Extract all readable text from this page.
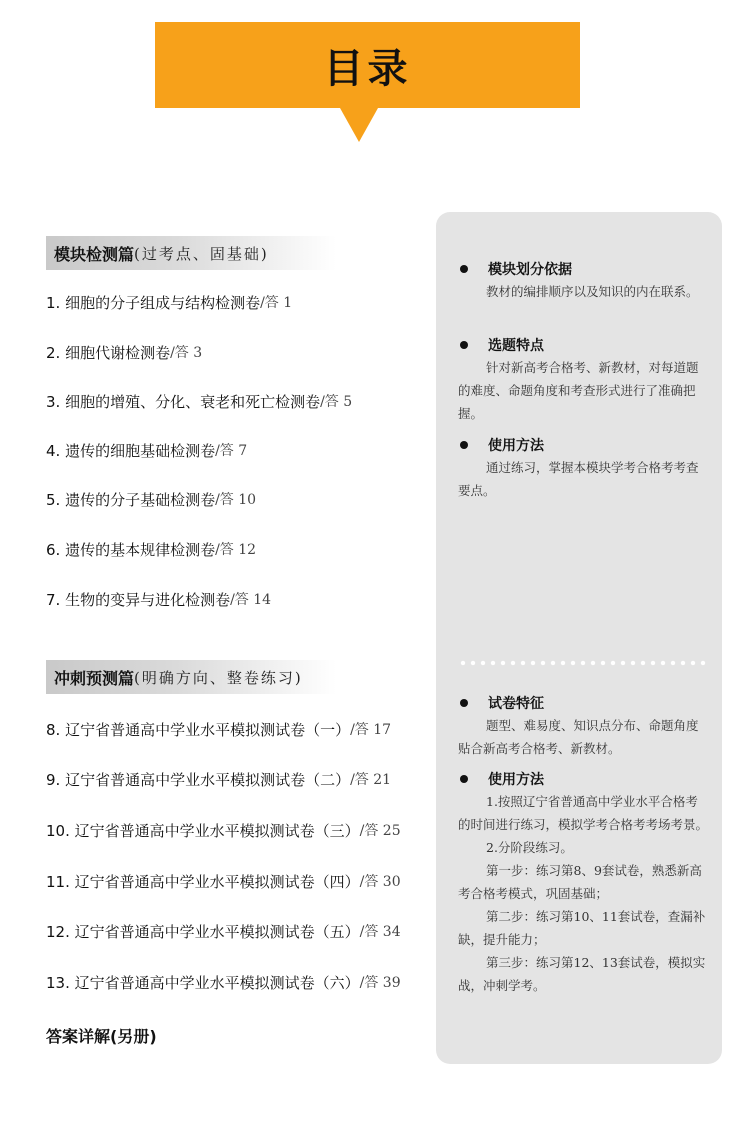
目录
模块检测篇 (过考点、固基础)
1. 细胞的分子组成与结构检测卷 /答 1
2. 细胞代谢检测卷 /答 3
3. 细胞的增殖、分化、衰老和死亡检测卷 /答 5
4. 遗传的细胞基础检测卷 /答 7
5. 遗传的分子基础检测卷 /答 10
6. 遗传的基本规律检测卷 /答 12
7. 生物的变异与进化检测卷 /答 14
冲刺预测篇 (明确方向、整卷练习)
8. 辽宁省普通高中学业水平模拟测试卷（一） /答 17
9. 辽宁省普通高中学业水平模拟测试卷（二） /答 21
10. 辽宁省普通高中学业水平模拟测试卷（三） /答 25
11. 辽宁省普通高中学业水平模拟测试卷（四） /答 30
12. 辽宁省普通高中学业水平模拟测试卷（五） /答 34
13. 辽宁省普通高中学业水平模拟测试卷（六） /答 39
答案详解(另册)
模块划分依据

教材的编排顺序以及知识的内在联系。

选题特点

针对新高考合格考、新教材，对每道题的难度、命题角度和考查形式进行了准确把握。

使用方法

通过练习，掌握本模块学考合格考考查要点。

试卷特征

题型、难易度、知识点分布、命题角度贴合新高考合格考、新教材。

使用方法

1.按照辽宁省普通高中学业水平合格考的时间进行练习，模拟学考合格考考场考景。

2.分阶段练习。

第一步：练习第8、9套试卷，熟悉新高考合格考模式，巩固基础；

第二步：练习第10、11套试卷，查漏补缺，提升能力；

第三步：练习第12、13套试卷，模拟实战，冲刺学考。
